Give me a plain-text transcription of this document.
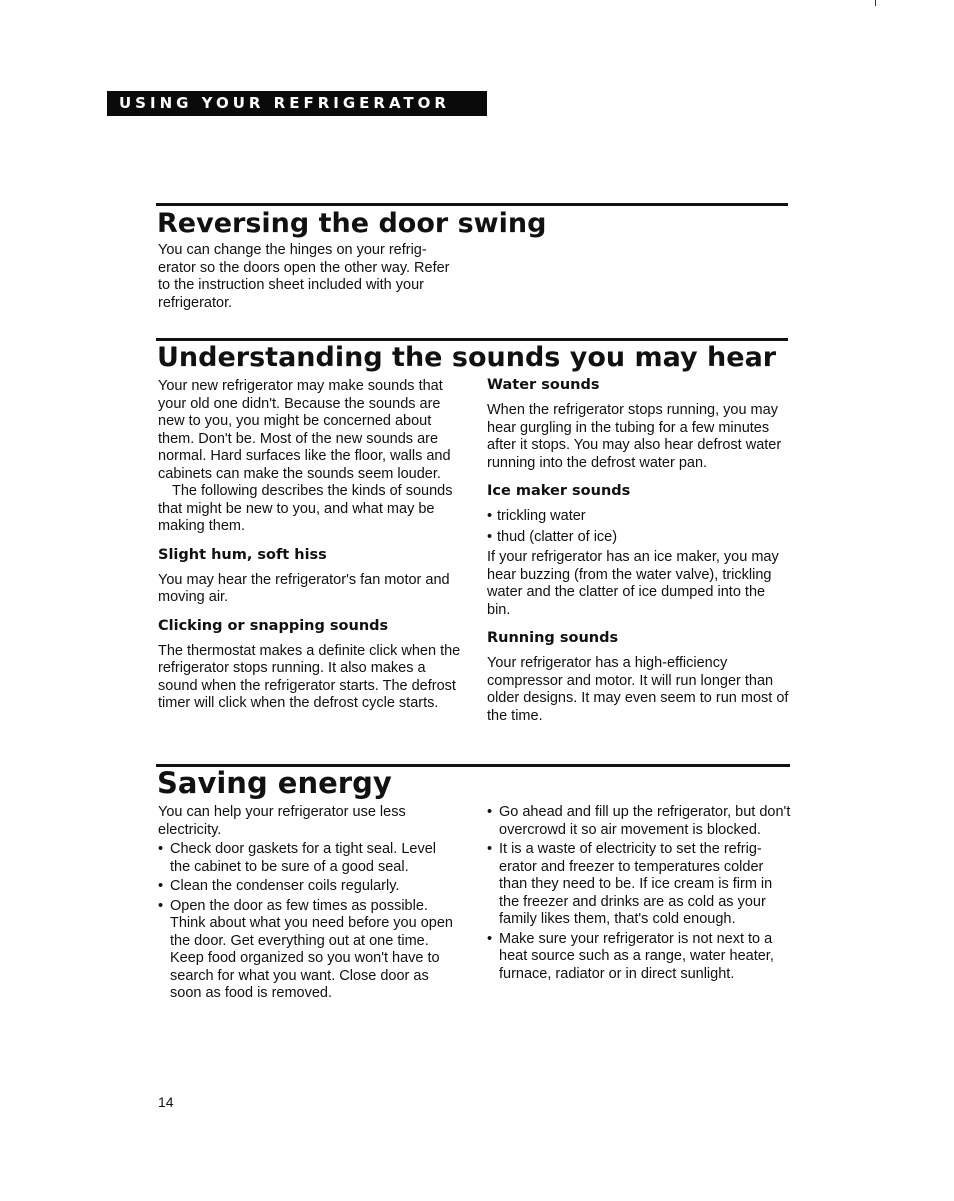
USING YOUR REFRIGERATOR
Reversing the door swing

You can change the hinges on your refrig-erator so the doors open the other way. Refer to the instruction sheet included with your refrigerator.

Understanding the sounds you may hear

Your new refrigerator may make sounds that your old one didn't. Because the sounds are new to you, you might be concerned about them. Don't be. Most of the new sounds are normal. Hard surfaces like the floor, walls and cabinets can make the sounds seem louder.

The following describes the kinds of sounds that might be new to you, and what may be making them.

Slight hum, soft hiss

You may hear the refrigerator's fan motor and moving air.

Clicking or snapping sounds

The thermostat makes a definite click when the refrigerator stops running. It also makes a sound when the refrigerator starts. The defrost timer will click when the defrost cycle starts.

Water sounds

When the refrigerator stops running, you may hear gurgling in the tubing for a few minutes after it stops. You may also hear defrost water running into the defrost water pan.

Ice maker sounds
• trickling water
• thud (clatter of ice)

If your refrigerator has an ice maker, you may hear buzzing (from the water valve), trickling water and the clatter of ice dumped into the bin.

Running sounds

Your refrigerator has a high-efficiency compressor and motor. It will run longer than older designs. It may even seem to run most of the time.

Saving energy

You can help your refrigerator use less electricity.

• Check door gaskets for a tight seal. Level the cabinet to be sure of a good seal.
• Clean the condenser coils regularly.
• Open the door as few times as possible. Think about what you need before you open the door. Get everything out at one time. Keep food organized so you won't have to search for what you want. Close door as soon as food is removed.
• Go ahead and fill up the refrigerator, but don't overcrowd it so air movement is blocked.
• It is a waste of electricity to set the refrig-erator and freezer to temperatures colder than they need to be. If ice cream is firm in the freezer and drinks are as cold as your family likes them, that's cold enough.
• Make sure your refrigerator is not next to a heat source such as a range, water heater, furnace, radiator or in direct sunlight.
14
